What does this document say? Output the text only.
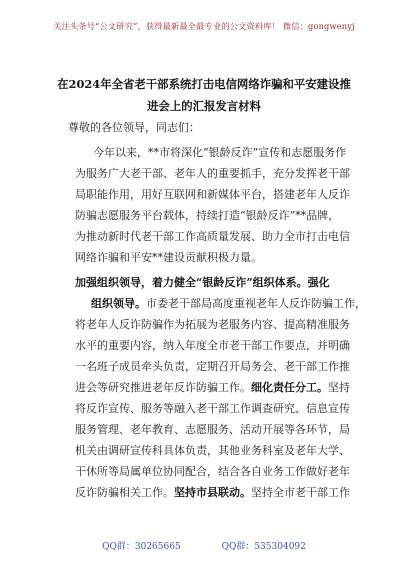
关注头条号“公文研究”，获得最新最全最专业的公文资料库！ 微信：gongwenyj
在2024年全省老干部系统打击电信网络诈骗和平安建设推
进会上的汇报发言材料
尊敬的各位领导，同志们：
今年以来，**市将深化“银龄反诈”宣传和志愿服务作
为服务广大老干部、老年人的重要抓手，充分发挥老干部
局职能作用，用好互联网和新媒体平台，搭建老年人反诈
防骗志愿服务平台载体，持续打造“银龄反诈”**品牌，
为推动新时代老干部工作高质量发展、助力全市打击电信
网络诈骗和平安**建设贡献积极力量。
加强组织领导，着力健全“银龄反诈”组织体系。强化
组织领导。市委老干部局高度重视老年人反诈防骗工作，
将老年人反诈防骗作为拓展为老服务内容、提高精准服务
水平的重要内容，纳入年度全市老干部工作要点，并明确
一名班子成员牵头负责，定期召开局务会、老干部工作推
进会等研究推进老年反诈防骗工作。细化责任分工。坚持
将反诈宣传、服务等融入老干部工作调查研究、信息宣传
服务管理、老年教育、志愿服务、活动开展等各环节，局
机关由调研宣传科具体负责，其他业务科室及老年大学、
干休所等局属单位协同配合，结合各自业务工作做好老年
反诈防骗相关工作。坚持市县联动。坚持全市老干部工作
QQ群：30265665	QQ群：535304092
